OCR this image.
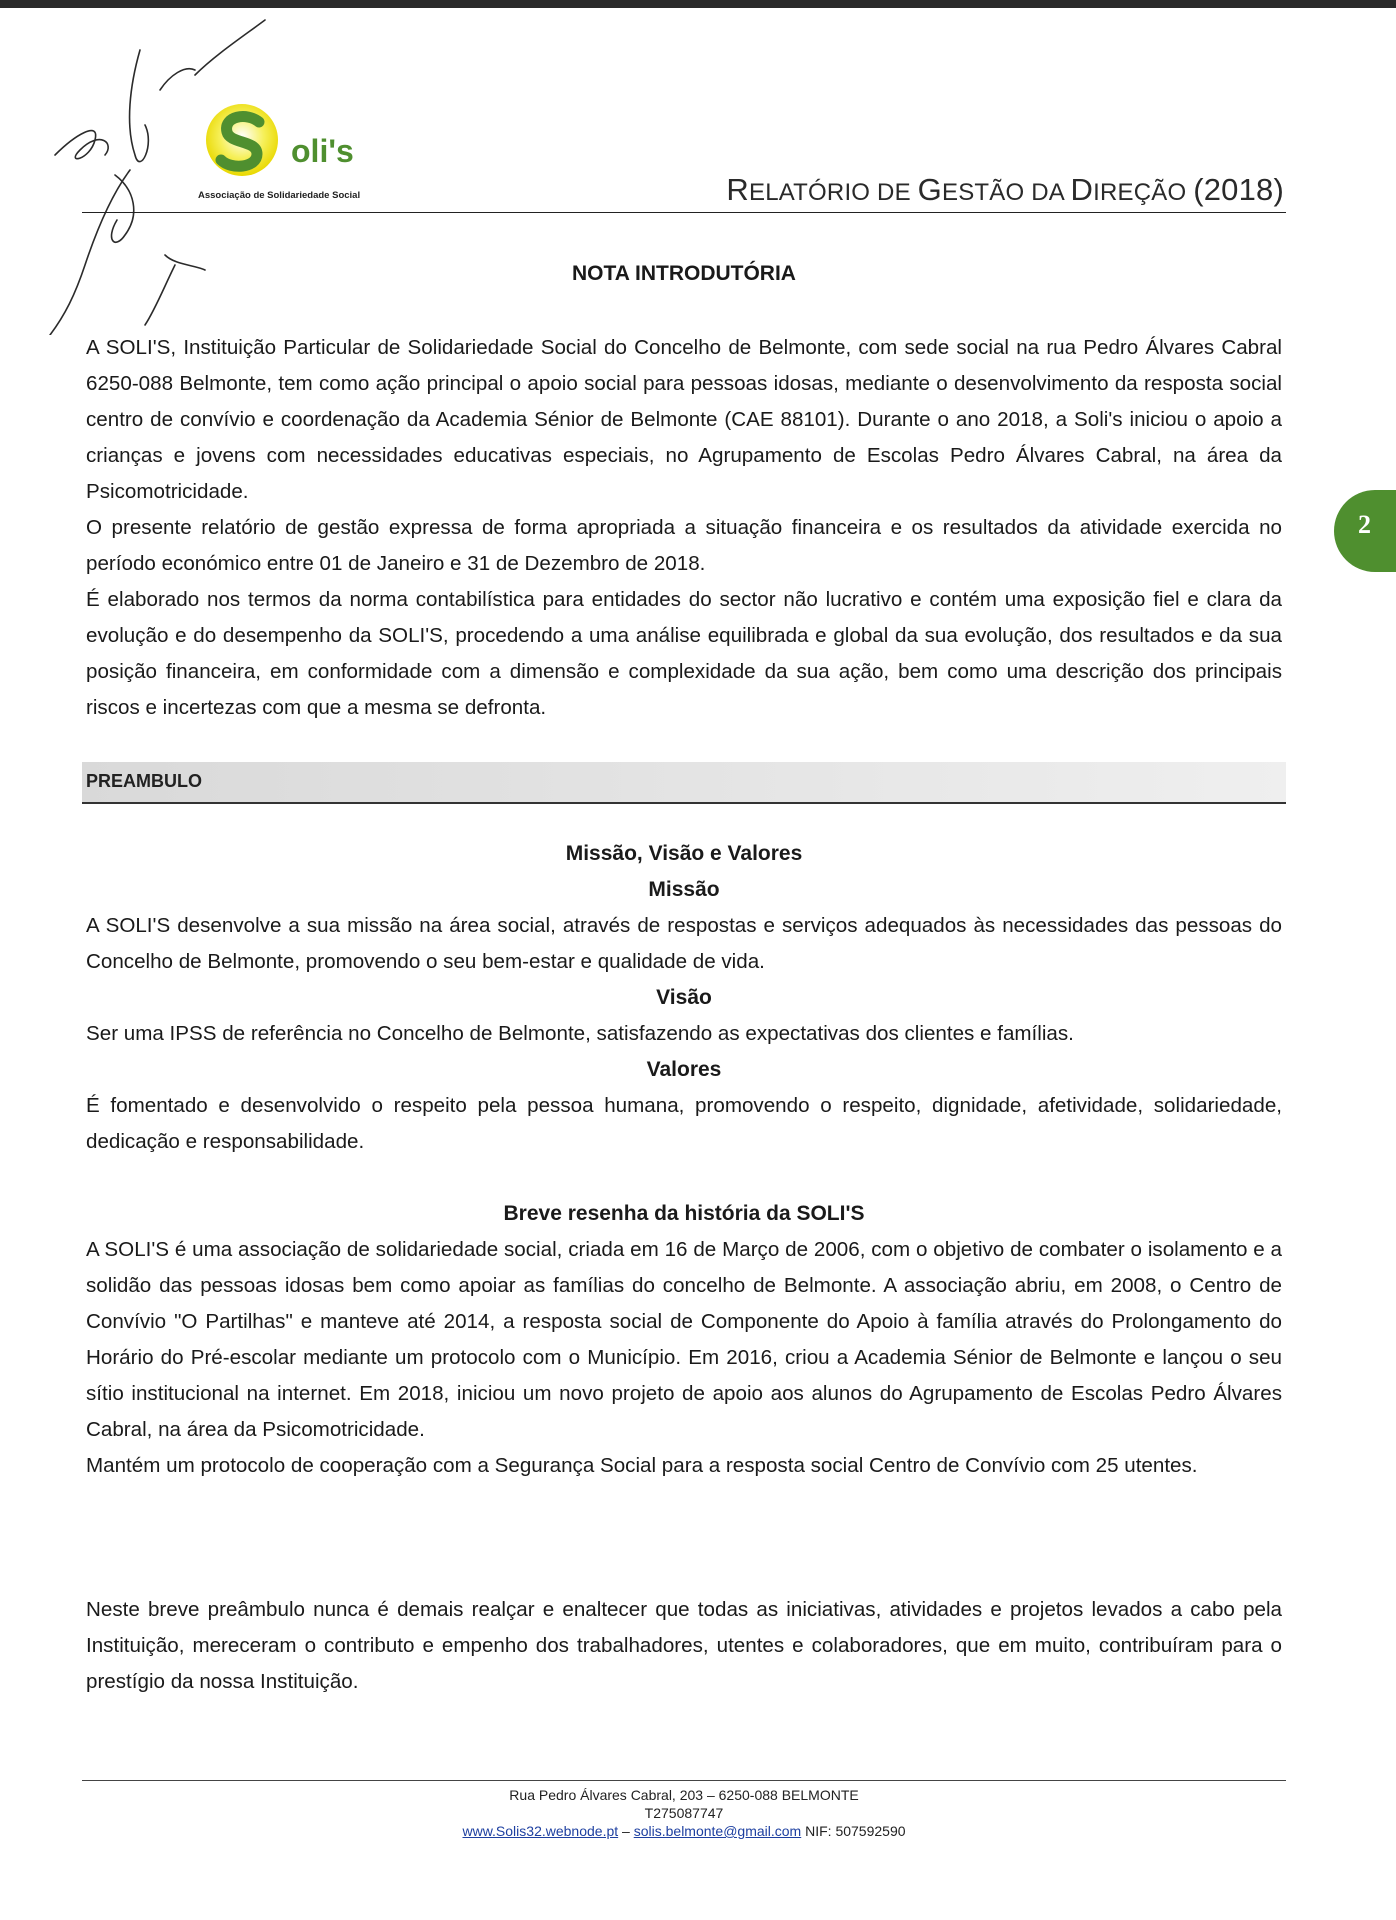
oli's
Associação de Solidariedade Social	RELATÓRIO DE GESTÃO DA DIREÇÃO (2018)
2
NOTA INTRODUTÓRIA

A SOLI'S, Instituição Particular de Solidariedade Social do Concelho de Belmonte, com sede social na rua Pedro Álvares Cabral 6250-088 Belmonte, tem como ação principal o apoio social para pessoas idosas, mediante o desenvolvimento da resposta social centro de convívio e coordenação da Academia Sénior de Belmonte (CAE 88101). Durante o ano 2018, a Soli's iniciou o apoio a crianças e jovens com necessidades educativas especiais, no Agrupamento de Escolas Pedro Álvares Cabral, na área da Psicomotricidade.

O presente relatório de gestão expressa de forma apropriada a situação financeira e os resultados da atividade exercida no período económico entre 01 de Janeiro e 31 de Dezembro de 2018.

É elaborado nos termos da norma contabilística para entidades do sector não lucrativo e contém uma exposição fiel e clara da evolução e do desempenho da SOLI'S, procedendo a uma análise equilibrada e global da sua evolução, dos resultados e da sua posição financeira, em conformidade com a dimensão e complexidade da sua ação, bem como uma descrição dos principais riscos e incertezas com que a mesma se defronta.

PREAMBULO
Missão, Visão e Valores
Missão
A SOLI'S desenvolve a sua missão na área social, através de respostas e serviços adequados às necessidades das pessoas do Concelho de Belmonte, promovendo o seu bem-estar e qualidade de vida.
Visão
Ser uma IPSS de referência no Concelho de Belmonte, satisfazendo as expectativas dos clientes e famílias.
Valores
É fomentado e desenvolvido o respeito pela pessoa humana, promovendo o respeito, dignidade, afetividade, solidariedade, dedicação e responsabilidade.
Breve resenha da história da SOLI'S

A SOLI'S é uma associação de solidariedade social, criada em 16 de Março de 2006, com o objetivo de combater o isolamento e a solidão das pessoas idosas bem como apoiar as famílias do concelho de Belmonte. A associação abriu, em 2008, o Centro de Convívio "O Partilhas" e manteve até 2014, a resposta social de Componente do Apoio à família através do Prolongamento do Horário do Pré-escolar mediante um protocolo com o Município. Em 2016, criou a Academia Sénior de Belmonte e lançou o seu sítio institucional na internet. Em 2018, iniciou um novo projeto de apoio aos alunos do Agrupamento de Escolas Pedro Álvares Cabral, na área da Psicomotricidade.

Mantém um protocolo de cooperação com a Segurança Social para a resposta social Centro de Convívio com 25 utentes.

Neste breve preâmbulo nunca é demais realçar e enaltecer que todas as iniciativas, atividades e projetos levados a cabo pela Instituição, mereceram o contributo e empenho dos trabalhadores, utentes e colaboradores, que em muito, contribuíram para o prestígio da nossa Instituição.
Rua Pedro Álvares Cabral, 203 – 6250-088 BELMONTE
T275087747
www.Solis32.webnode.pt – solis.belmonte@gmail.com NIF: 507592590
